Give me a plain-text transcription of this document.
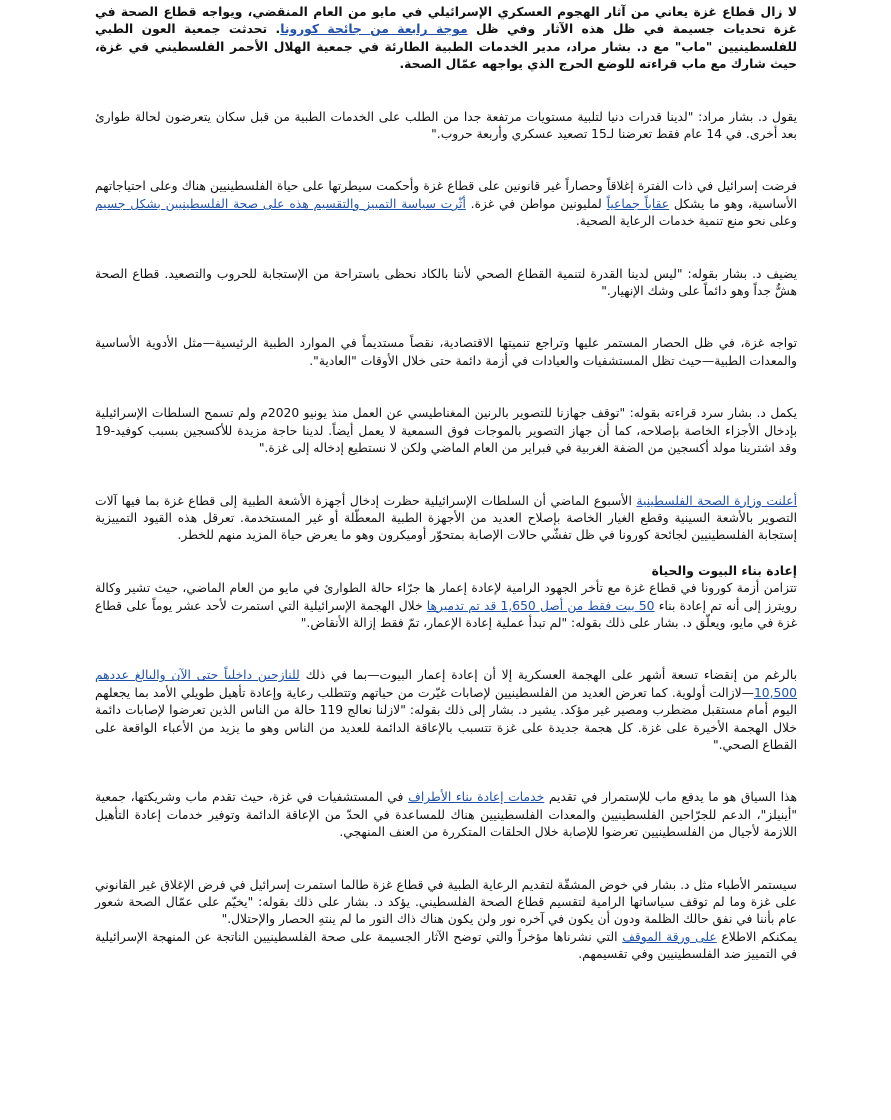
لا زال قطاع غزة يعاني من آثار الهجوم العسكري الإسرائيلي في مايو من العام المنقضي، ويواجه قطاع الصحة في غزة تحديات جسيمة في ظل هذه الآثار وفي ظل موجة رابعة من جائحة كورونا. تحدثت جمعية العون الطبي للفلسطينيين "ماب" مع د. بشار مراد، مدير الخدمات الطبية الطارئة في جمعية الهلال الأحمر الفلسطيني في غزة، حيث شارك مع ماب قراءته للوضع الحرج الذي يواجهه عمّال الصحة.

يقول د. بشار مراد: "لدينا قدرات دنيا لتلبية مستويات مرتفعة جدا من الطلب على الخدمات الطبية من قبل سكان يتعرضون لحالة طوارئ بعد أخرى. في 14 عام فقط تعرضنا لـ15 تصعيد عسكري وأربعة حروب."

فرضت إسرائيل في ذات الفترة إغلاقاً وحصاراً غير قانونين على قطاع غزة وأحكمت سيطرتها على حياة الفلسطينيين هناك وعلى احتياجاتهم الأساسية، وهو ما يشكل عقاباً جماعياً لمليونين مواطن في غزة. أثّرت سياسة التمييز والتقسيم هذه على صحة الفلسطينيين بشكل جسيم وعلى نحو منع تنمية خدمات الرعاية الصحية.

يضيف د. بشار بقوله: "ليس لدينا القدرة لتنمية القطاع الصحي لأننا بالكاد نحظى باستراحة من الإستجابة للحروب والتصعيد. قطاع الصحة هشٌّ جداً وهو دائماً على وشك الإنهيار."

تواجه غزة، في ظل الحصار المستمر عليها وتراجع تنميتها الاقتصادية، نقصاً مستديماً في الموارد الطبية الرئيسية—مثل الأدوية الأساسية والمعدات الطبية—حيث تظل المستشفيات والعيادات في أزمة دائمة حتى خلال الأوقات "العادية".

يكمل د. بشار سرد قراءته بقوله: "توقف جهازنا للتصوير بالرنين المغناطيسي عن العمل منذ يونيو 2020م ولم تسمح السلطات الإسرائيلية بإدخال الأجزاء الخاصة بإصلاحه، كما أن جهاز التصوير بالموجات فوق السمعية لا يعمل أيضاً. لدينا حاجة مزيدة للأكسجين بسبب كوفيد-19 وقد اشترينا مولد أكسجين من الضفة الغربية في فبراير من العام الماضي ولكن لا نستطيع إدخاله إلى غزة."

أعلنت وزارة الصحة الفلسطينية الأسبوع الماضي أن السلطات الإسرائيلية حظرت إدخال أجهزة الأشعة الطبية إلى قطاع غزة بما فيها آلات التصوير بالأشعة السينية وقطع الغيار الخاصة بإصلاح العديد من الأجهزة الطبية المعطّلة أو غير المستخدمة. تعرقل هذه القيود التمييزية إستجابة الفلسطينيين لجائحة كورونا في ظل تفشّي حالات الإصابة بمتحوّر أوميكرون وهو ما يعرض حياة المزيد منهم للخطر.

إعادة بناء البيوت والحياة

تتزامن أزمة كورونا في قطاع غزة مع تأخر الجهود الرامية لإعادة إعمار ها جرّاء حالة الطوارئ في مايو من العام الماضي، حيث تشير وكالة رويترز إلى أنه تم إعادة بناء 50 بيت فقط من أصل 1,650 قد تم تدميرها خلال الهجمة الإسرائيلية التي استمرت لأحد عشر يوماً على قطاع غزة في مايو، ويعلّق د. بشار على ذلك بقوله: "لم تبدأ عملية إعادة الإعمار، تمّ فقط إزالة الأنقاض."

بالرغم من إنقضاء تسعة أشهر على الهجمة العسكرية إلا أن إعادة إعمار البيوت—بما في ذلك للنازحين داخلياً حتى الآن والبالغ عددهم 10,500—لازالت أولوية. كما تعرض العديد من الفلسطينيين لإصابات غيّرت من حياتهم وتتطلب رعاية وإعادة تأهيل طويلي الأمد بما يجعلهم اليوم أمام مستقبل مضطرب ومصير غير مؤكد. يشير د. بشار إلى ذلك بقوله: "لازلنا نعالج 119 حالة من الناس الذين تعرضوا لإصابات دائمة خلال الهجمة الأخيرة على غزة. كل هجمة جديدة على غزة تتسبب بالإعاقة الدائمة للعديد من الناس وهو ما يزيد من الأعباء الواقعة على القطاع الصحي."

هذا السياق هو ما يدفع ماب للإستمرار في تقديم خدمات إعادة بناء الأطراف في المستشفيات في غزة، حيث تقدم ماب وشريكتها، جمعية "أينيلز"، الدعم للجرّاحين الفلسطينيين والمعدات الفلسطينيين هناك للمساعدة في الحدّ من الإعاقة الدائمة وتوفير خدمات إعادة التأهيل اللازمة لأجيال من الفلسطينيين تعرضوا للإصابة خلال الحلقات المتكررة من العنف المنهجي.

سيستمر الأطباء مثل د. بشار في خوض المشقّة لتقديم الرعاية الطبية في قطاع غزة طالما استمرت إسرائيل في فرض الإغلاق غير القانوني على غزة وما لم توقف سياساتها الرامية لتقسيم قطاع الصحة الفلسطيني. يؤكد د. بشار على ذلك بقوله: "يخيّم على عمّال الصحة شعور عام بأننا في نفق حالك الظلمة ودون أن يكون في آخره نور ولن يكون هناك ذاك النور ما لم ينتهِ الحصار والإحتلال."

يمكنكم الاطلاع على ورقة الموقف التي نشرناها مؤخراً والتي توضح الآثار الجسيمة على صحة الفلسطينيين الناتجة عن المنهجة الإسرائيلية في التمييز ضد الفلسطينيين وفي تقسيمهم.
